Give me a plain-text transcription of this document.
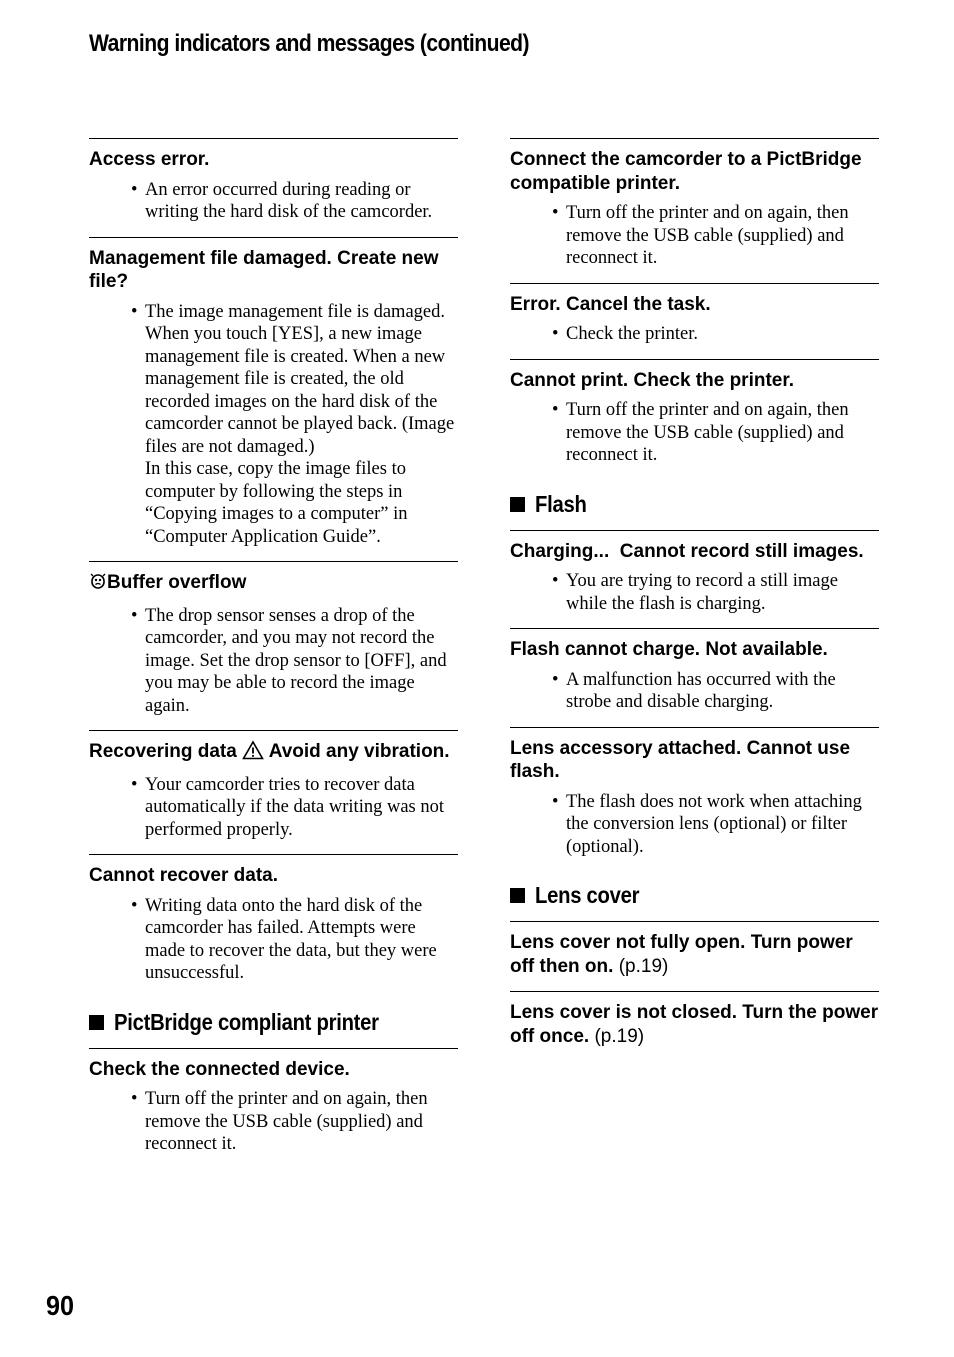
Warning indicators and messages (continued)

Access error.

• An error occurred during reading or writing the hard disk of the camcorder.

Management file damaged. Create new file?

• The image management file is damaged. When you touch [YES], a new image management file is created. When a new management file is created, the old recorded images on the hard disk of the camcorder cannot be played back. (Image files are not damaged.)
In this case, copy the image files to computer by following the steps in “Copying images to a computer” in “Computer Application Guide”.

Buffer overflow

• The drop sensor senses a drop of the camcorder, and you may not record the image. Set the drop sensor to [OFF], and you may be able to record the image again.

Recovering data Avoid any vibration.

• Your camcorder tries to recover data automatically if the data writing was not performed properly.

Cannot recover data.

• Writing data onto the hard disk of the camcorder has failed. Attempts were made to recover the data, but they were unsuccessful.
PictBridge compliant printer

Check the connected device.

• Turn off the printer and on again, then remove the USB cable (supplied) and reconnect it.

Connect the camcorder to a PictBridge compatible printer.

• Turn off the printer and on again, then remove the USB cable (supplied) and reconnect it.

Error. Cancel the task.

• Check the printer.

Cannot print. Check the printer.

• Turn off the printer and on again, then remove the USB cable (supplied) and reconnect it.
Flash

Charging...  Cannot record still images.

• You are trying to record a still image while the flash is charging.

Flash cannot charge. Not available.

• A malfunction has occurred with the strobe and disable charging.

Lens accessory attached. Cannot use flash.

• The flash does not work when attaching the conversion lens (optional) or filter (optional).
Lens cover

Lens cover not fully open. Turn power off then on. (p.19)

Lens cover is not closed. Turn the power off once. (p.19)

90
